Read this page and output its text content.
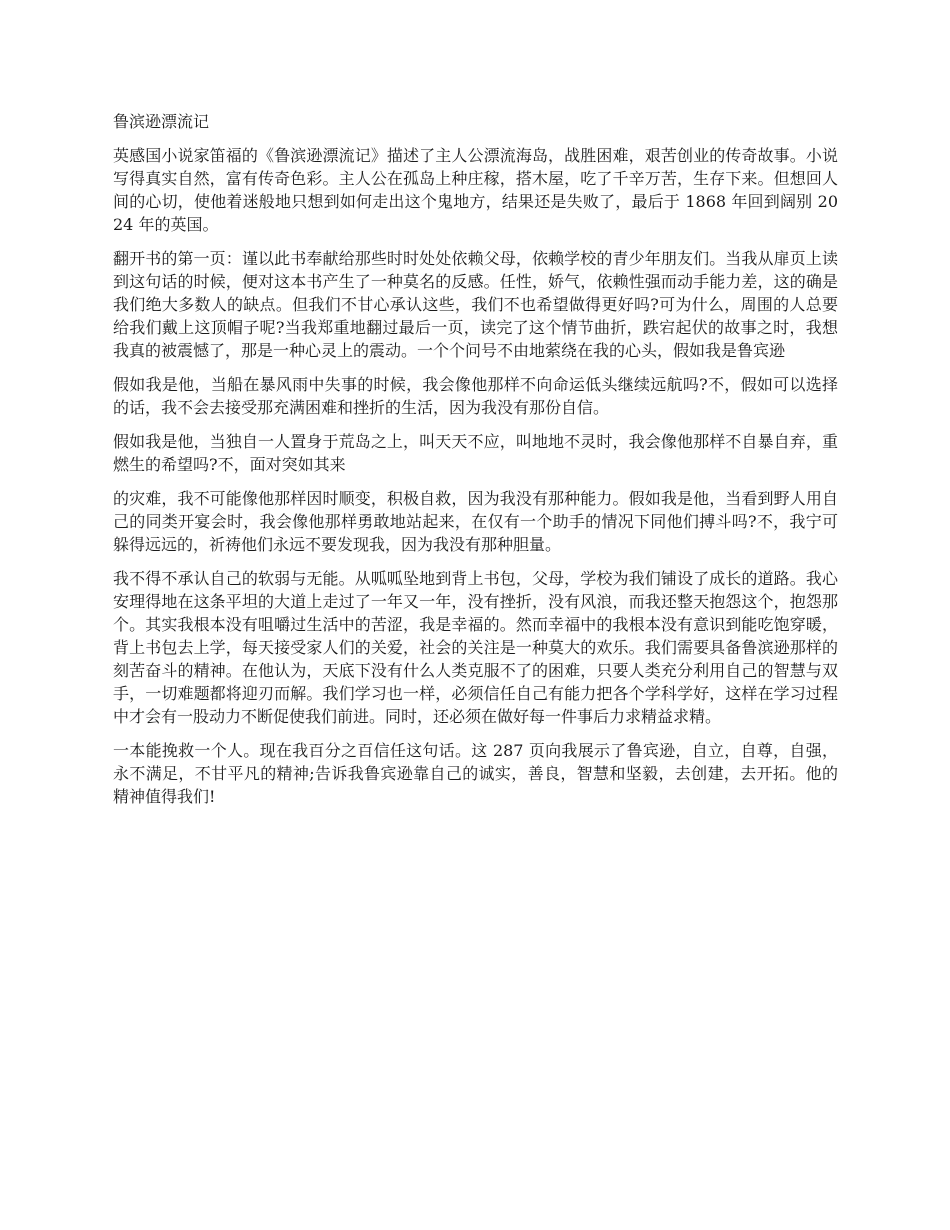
鲁滨逊漂流记

英感国小说家笛福的《鲁滨逊漂流记》描述了主人公漂流海岛，战胜困难，艰苦创业的传奇故事。小说写得真实自然，富有传奇色彩。主人公在孤岛上种庄稼，搭木屋，吃了千辛万苦，生存下来。但想回人间的心切，使他着迷般地只想到如何走出这个鬼地方，结果还是失败了，最后于 1868 年回到阔别 2024 年的英国。

翻开书的第一页：谨以此书奉献给那些时时处处依赖父母，依赖学校的青少年朋友们。当我从扉页上读到这句话的时候，便对这本书产生了一种莫名的反感。任性，娇气，依赖性强而动手能力差，这的确是我们绝大多数人的缺点。但我们不甘心承认这些，我们不也希望做得更好吗?可为什么，周围的人总要给我们戴上这顶帽子呢?当我郑重地翻过最后一页，读完了这个情节曲折，跌宕起伏的故事之时，我想我真的被震憾了，那是一种心灵上的震动。一个个问号不由地萦绕在我的心头，假如我是鲁宾逊

假如我是他，当船在暴风雨中失事的时候，我会像他那样不向命运低头继续远航吗?不，假如可以选择的话，我不会去接受那充满困难和挫折的生活，因为我没有那份自信。

假如我是他，当独自一人置身于荒岛之上，叫天天不应，叫地地不灵时，我会像他那样不自暴自弃，重燃生的希望吗?不，面对突如其来

的灾难，我不可能像他那样因时顺变，积极自救，因为我没有那种能力。假如我是他，当看到野人用自己的同类开宴会时，我会像他那样勇敢地站起来，在仅有一个助手的情况下同他们搏斗吗?不，我宁可躲得远远的，祈祷他们永远不要发现我，因为我没有那种胆量。

我不得不承认自己的软弱与无能。从呱呱坠地到背上书包，父母，学校为我们铺设了成长的道路。我心安理得地在这条平坦的大道上走过了一年又一年，没有挫折，没有风浪，而我还整天抱怨这个，抱怨那个。其实我根本没有咀嚼过生活中的苦涩，我是幸福的。然而幸福中的我根本没有意识到能吃饱穿暖，背上书包去上学，每天接受家人们的关爱，社会的关注是一种莫大的欢乐。我们需要具备鲁滨逊那样的刻苦奋斗的精神。在他认为，天底下没有什么人类克服不了的困难，只要人类充分利用自己的智慧与双手，一切难题都将迎刃而解。我们学习也一样，必须信任自己有能力把各个学科学好，这样在学习过程中才会有一股动力不断促使我们前进。同时，还必须在做好每一件事后力求精益求精。

一本能挽救一个人。现在我百分之百信任这句话。这 287 页向我展示了鲁宾逊，自立，自尊，自强，永不满足，不甘平凡的精神;告诉我鲁宾逊靠自己的诚实，善良，智慧和坚毅，去创建，去开拓。他的精神值得我们!
